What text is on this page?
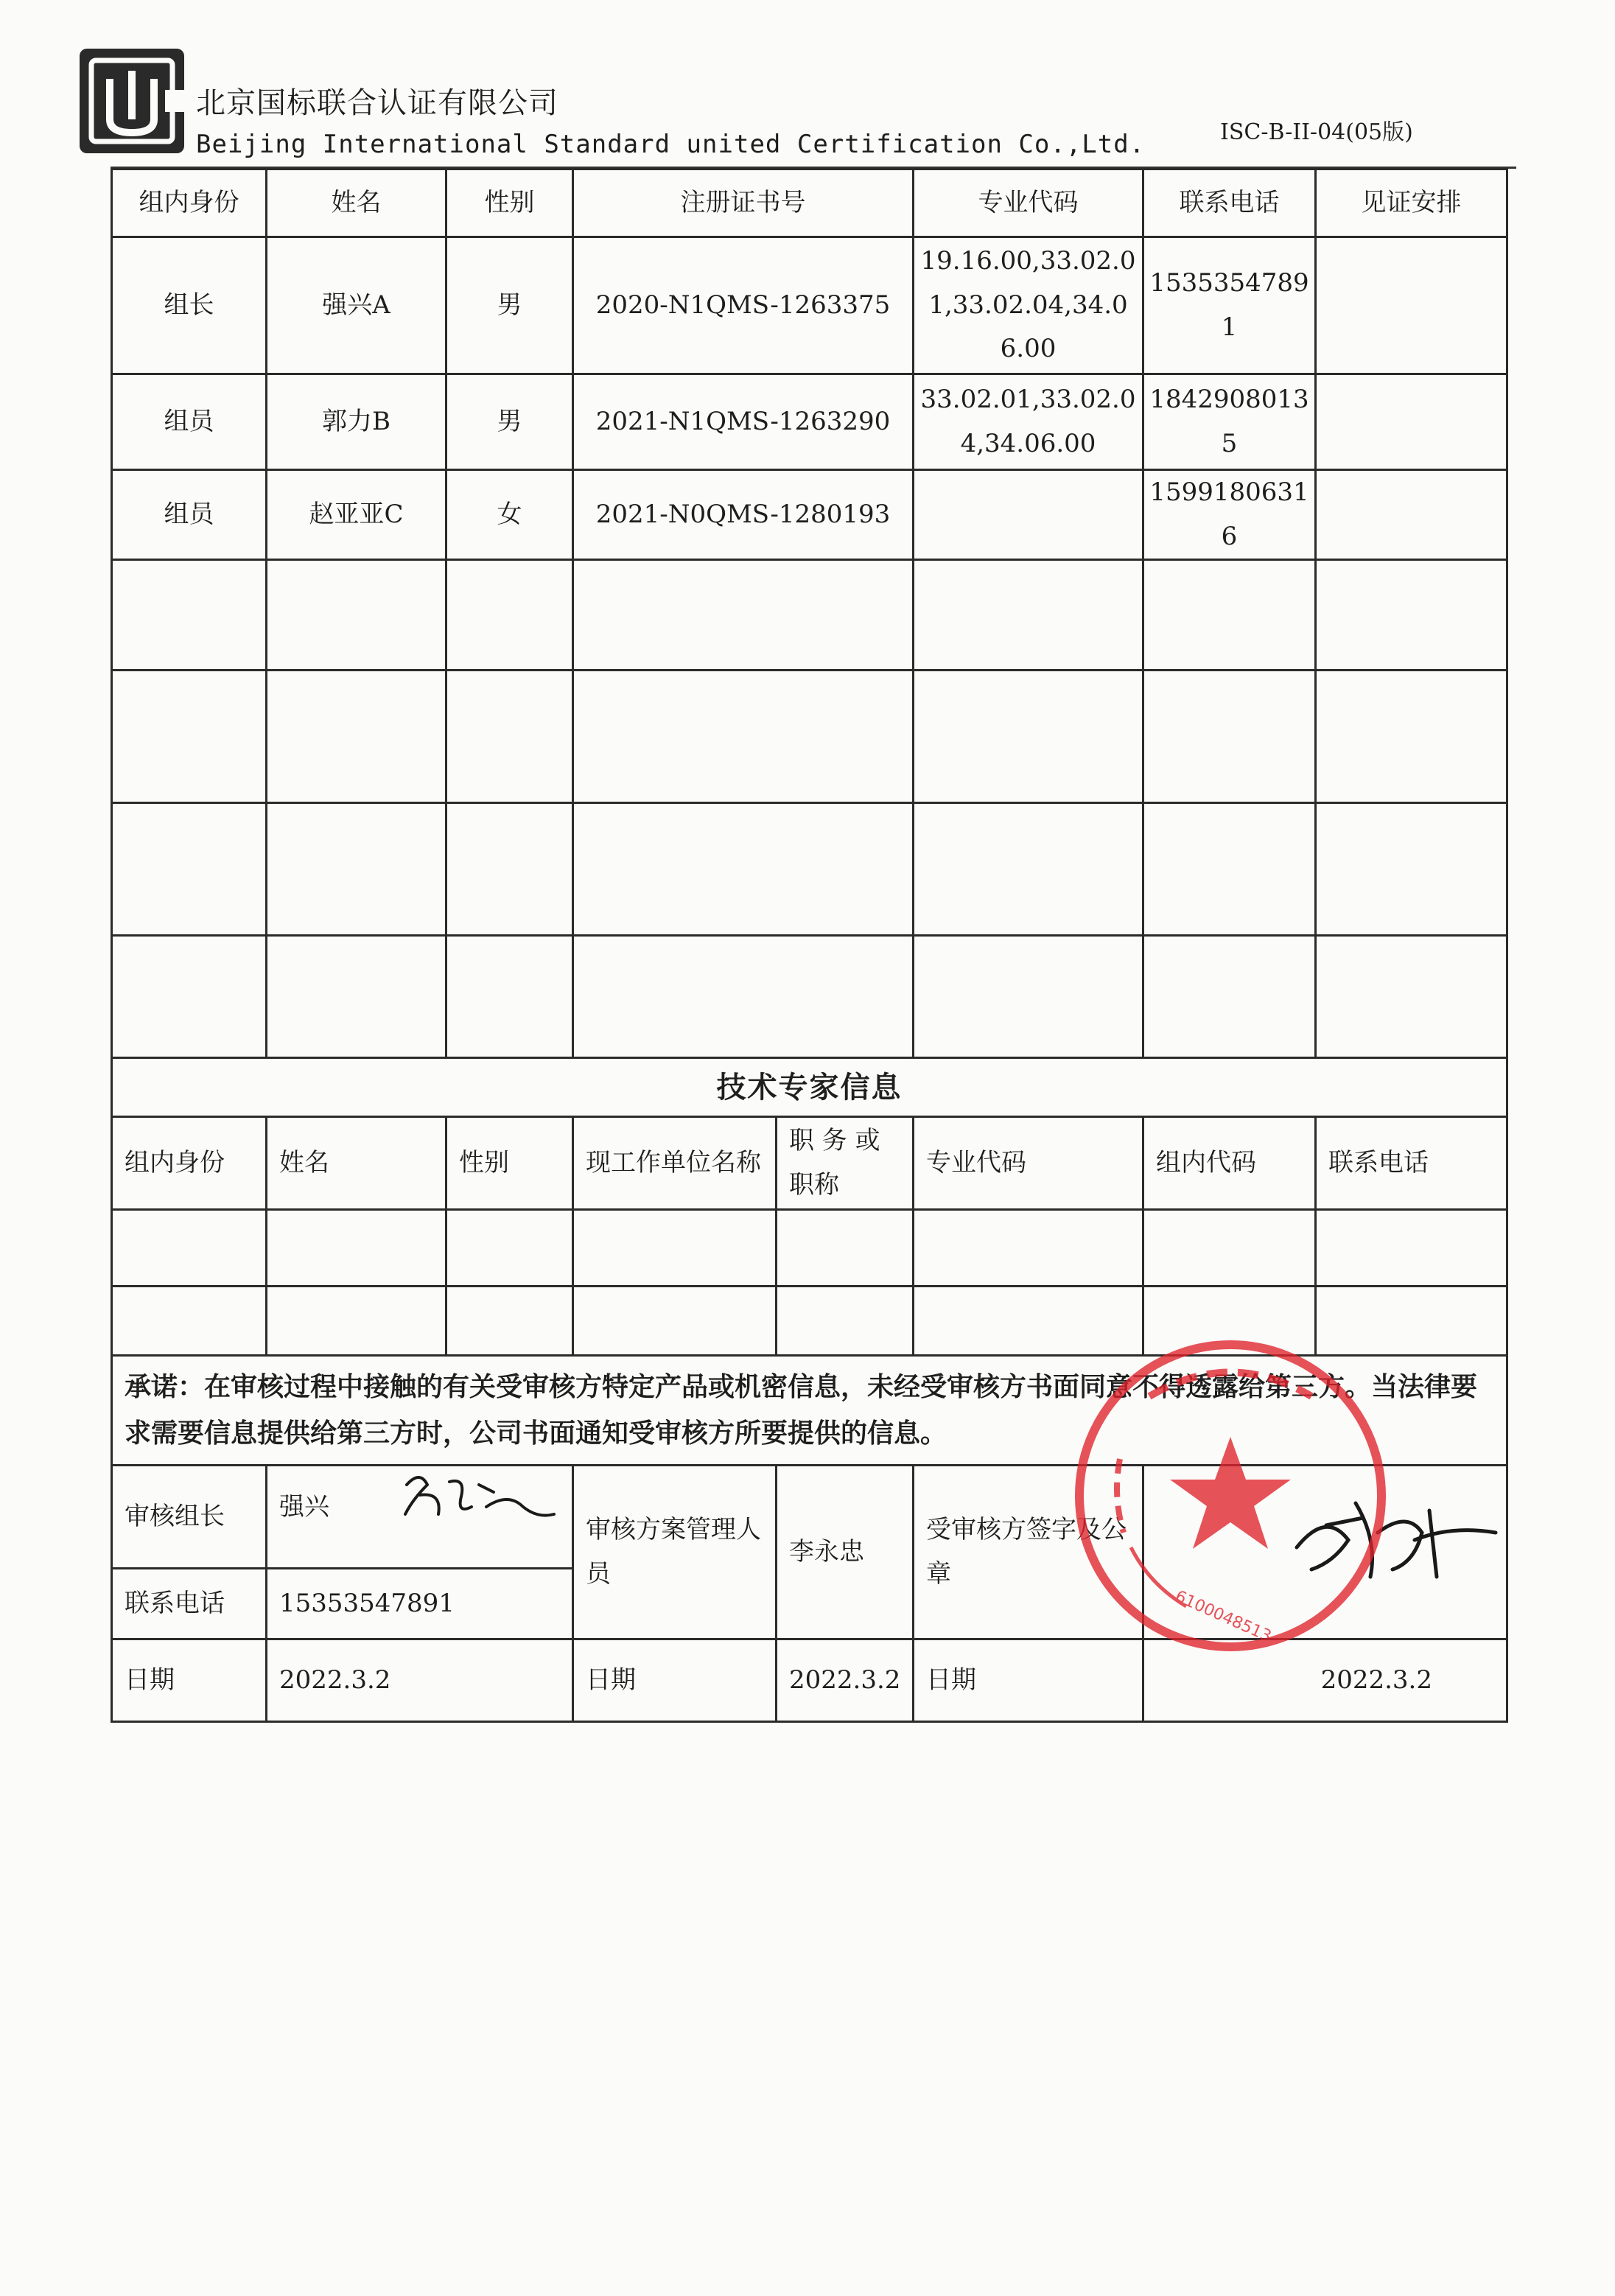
北京国标联合认证有限公司
Beijing International Standard united Certification Co.,Ltd.	ISC-B-II-04(05版)
组内身份	姓名	性别	注册证书号		专业代码	联系电话	见证安排
组长	强兴A	男	2020-N1QMS-1263375		19.16.00,33.02.01,33.02.04,34.06.00	15353547891	
组员	郭力B	男	2021-N1QMS-1263290		33.02.01,33.02.04,34.06.00	18429080135	
组员	赵亚亚C	女	2021-N0QMS-1280193			15991806316	

技术专家信息							
组内身份	姓名	性别	现工作单位名称	职 务 或 职称	专业代码	组内代码	联系电话

承诺：在审核过程中接触的有关受审核方特定产品或机密信息，未经受审核方书面同意不得透露给第三方。当法律要求需要信息提供给第三方时，公司书面通知受审核方所要提供的信息。							
审核组长	强兴		审核方案管理人员	李永忠	受审核方签字及公章		
联系电话	15353547891						
日期	2022.3.2		日期	2022.3.2	日期	2022.3.2	
6100048513
